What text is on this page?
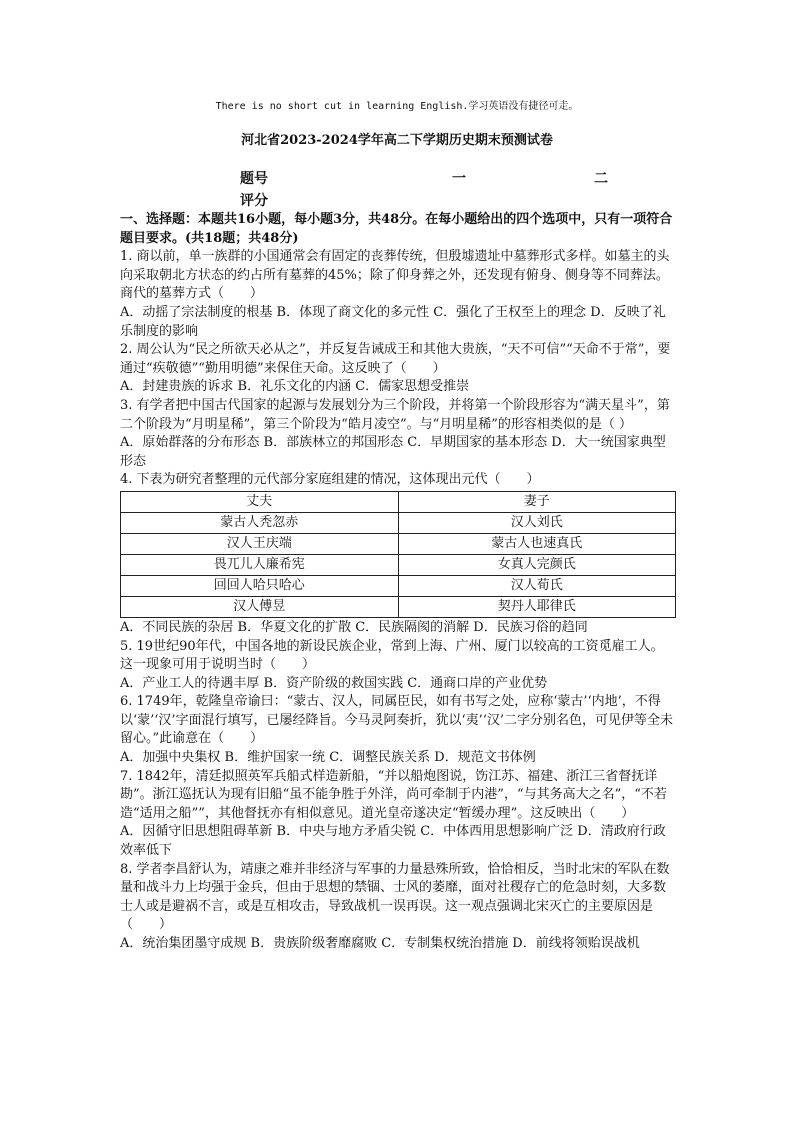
There is no short cut in learning English.学习英语没有捷径可走。
河北省2023-2024学年高二下学期历史期末预测试卷
题号	一	二
评分

一、选择题：本题共16小题，每小题3分，共48分。在每小题给出的四个选项中，只有一项符合题目要求。(共18题；共48分)

1. 商以前，单一族群的小国通常会有固定的丧葬传统，但殷墟遗址中墓葬形式多样。如墓主的头向采取朝北方状态的约占所有墓葬的45%；除了仰身葬之外，还发现有俯身、侧身等不同葬法。商代的墓葬方式（　　）

A．动摇了宗法制度的根基 B．体现了商文化的多元性 C．强化了王权至上的理念 D．反映了礼乐制度的影响

2. 周公认为“民之所欲天必从之”，并反复告诫成王和其他大贵族，“天不可信”“天命不于常”，要通过“疾敬德”“勤用明德”来保住天命。这反映了（　　）

A．封建贵族的诉求 B．礼乐文化的内涵 C．儒家思想受推崇

3. 有学者把中国古代国家的起源与发展划分为三个阶段，并将第一个阶段形容为“满天星斗”，第二个阶段为“月明星稀”，第三个阶段为“皓月凌空”。与“月明星稀”的形容相类似的是（ ）

A．原始群落的分布形态 B．部族林立的邦国形态 C．早期国家的基本形态 D．大一统国家典型形态

4. 下表为研究者整理的元代部分家庭组建的情况，这体现出元代（　　）

丈夫	妻子
蒙古人秃忽赤	汉人刘氏
汉人王庆端	蒙古人也速真氏
畏兀儿人廉希宪	女真人完颜氏
回回人哈只哈心	汉人荀氏
汉人傅昱	契丹人耶律氏

A．不同民族的杂居 B．华夏文化的扩散 C．民族隔阂的消解 D．民族习俗的趋同

5. 19世纪90年代，中国各地的新设民族企业，常到上海、广州、厦门以较高的工资觅雇工人。这一现象可用于说明当时（　　）

A．产业工人的待遇丰厚 B．资产阶级的救国实践 C．通商口岸的产业优势

6. 1749年，乾隆皇帝谕曰：“蒙古、汉人，同属臣民，如有书写之处，应称‘蒙古’‘内地’，不得以‘蒙’‘汉’字面混行填写，已屡经降旨。今马灵阿奏折，犹以‘夷’‘汉’二字分别名色，可见伊等全未留心。”此谕意在（　　）

A．加强中央集权 B．维护国家一统 C．调整民族关系 D．规范文书体例

7. 1842年，清廷拟照英军兵船式样造新船，“并以船炮图说，饬江苏、福建、浙江三省督抚详勘”。浙江巡抚认为现有旧船“虽不能争胜于外洋，尚可牵制于内港”，“与其务高大之名”，“不若造“适用之船””，其他督抚亦有相似意见。道光皇帝遂决定“暂缓办理”。这反映出（　　）

A．因循守旧思想阻碍革新 B．中央与地方矛盾尖锐 C．中体西用思想影响广泛 D．清政府行政效率低下

8. 学者李昌舒认为，靖康之难并非经济与军事的力量悬殊所致，恰恰相反，当时北宋的军队在数量和战斗力上均强于金兵，但由于思想的禁锢、士风的萎靡，面对社稷存亡的危急时刻，大多数士人或是避祸不言，或是互相攻击，导致战机一误再误。这一观点强调北宋灭亡的主要原因是（　　）

A．统治集团墨守成规 B．贵族阶级奢靡腐败 C．专制集权统治措施 D．前线将领贻误战机
